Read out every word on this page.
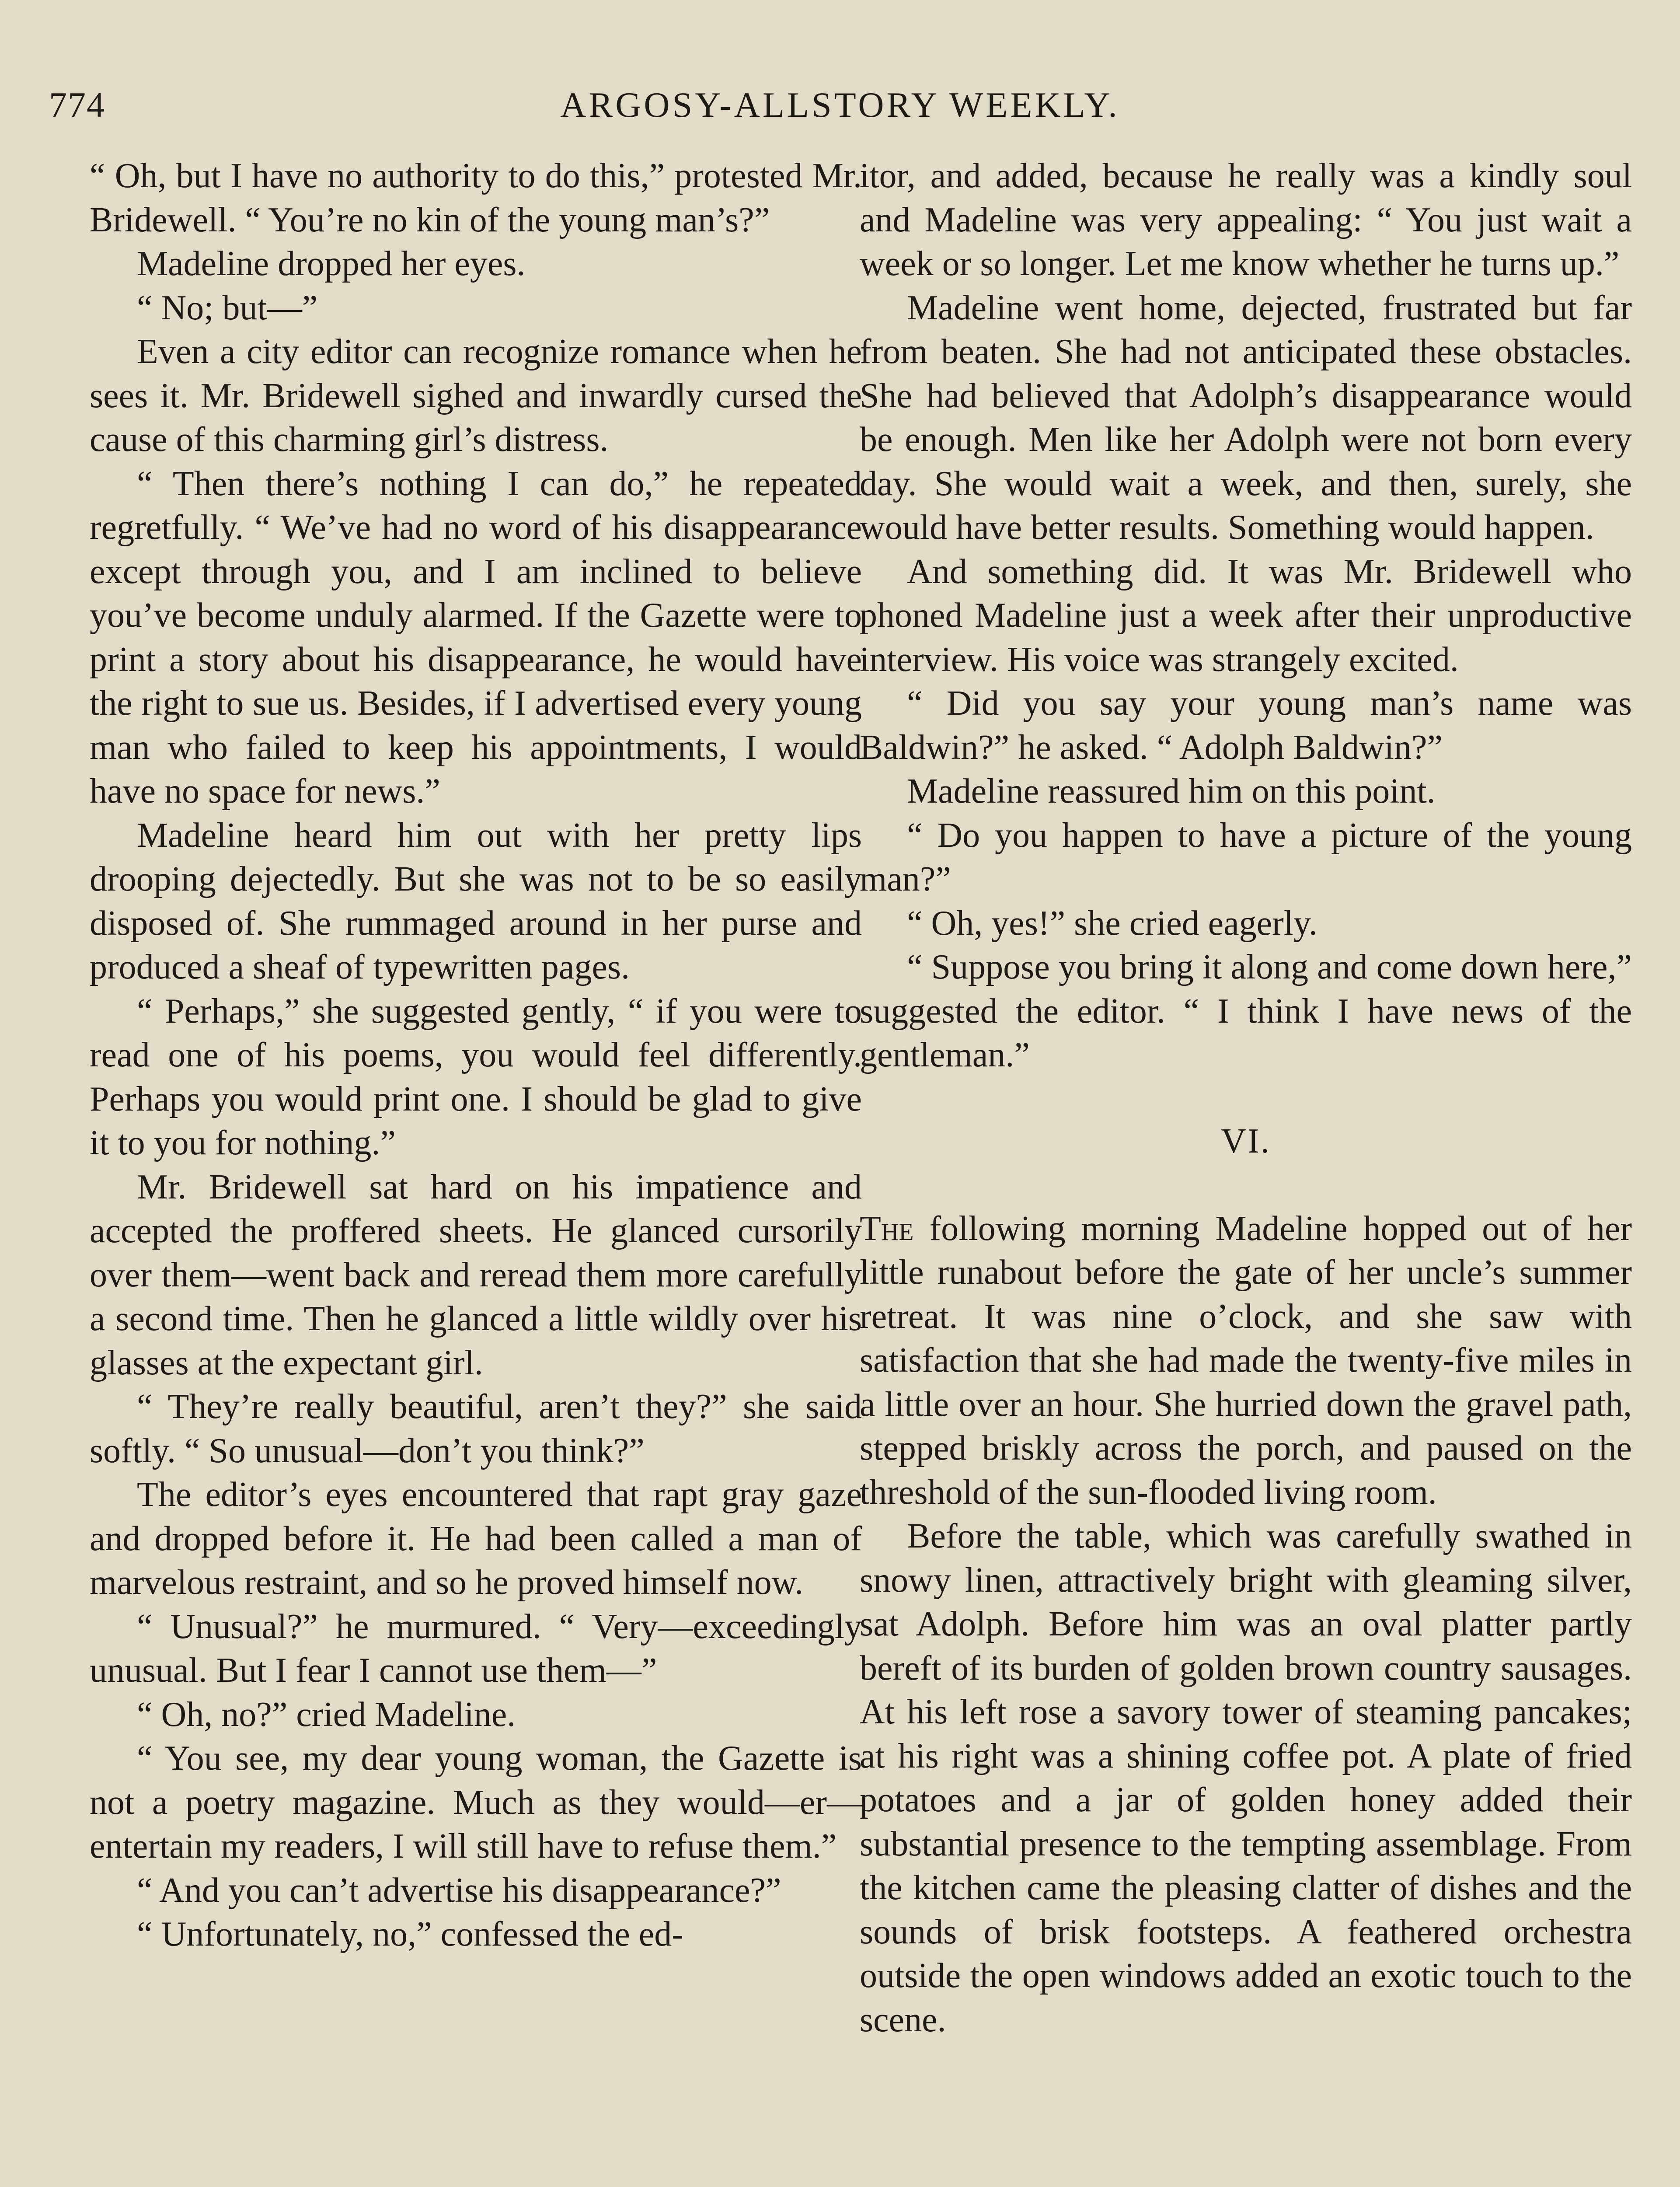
774	ARGOSY-ALLSTORY WEEKLY.

“ Oh, but I have no authority to do this,” protested Mr. Bridewell. “ You’re no kin of the young man’s?”

Madeline dropped her eyes.

“ No; but—”

Even a city editor can recognize romance when he sees it. Mr. Bridewell sighed and inwardly cursed the cause of this charming girl’s distress.

“ Then there’s nothing I can do,” he repeated regretfully. “ We’ve had no word of his disappearance except through you, and I am inclined to believe you’ve become unduly alarmed. If the Gazette were to print a story about his disappearance, he would have the right to sue us. Besides, if I advertised every young man who failed to keep his appointments, I would have no space for news.”

Madeline heard him out with her pretty lips drooping dejectedly. But she was not to be so easily disposed of. She rummaged around in her purse and produced a sheaf of typewritten pages.

“ Perhaps,” she suggested gently, “ if you were to read one of his poems, you would feel differently. Perhaps you would print one. I should be glad to give it to you for nothing.”

Mr. Bridewell sat hard on his impatience and accepted the proffered sheets. He glanced cursorily over them—went back and reread them more carefully a second time. Then he glanced a little wildly over his glasses at the expectant girl.

“ They’re really beautiful, aren’t they?” she said softly. “ So unusual—don’t you think?”

The editor’s eyes encountered that rapt gray gaze and dropped before it. He had been called a man of marvelous restraint, and so he proved himself now.

“ Unusual?” he murmured. “ Very—exceedingly unusual. But I fear I cannot use them—”

“ Oh, no?” cried Madeline.

“ You see, my dear young woman, the Gazette is not a poetry magazine. Much as they would—er—entertain my readers, I will still have to refuse them.”

“ And you can’t advertise his disappearance?”

“ Unfortunately, no,” confessed the ed-

itor, and added, because he really was a kindly soul and Madeline was very appealing: “ You just wait a week or so longer. Let me know whether he turns up.”

Madeline went home, dejected, frustrated but far from beaten. She had not anticipated these obstacles. She had believed that Adolph’s disappearance would be enough. Men like her Adolph were not born every day. She would wait a week, and then, surely, she would have better results. Something would happen.

And something did. It was Mr. Bridewell who phoned Madeline just a week after their unproductive interview. His voice was strangely excited.

“ Did you say your young man’s name was Baldwin?” he asked. “ Adolph Baldwin?”

Madeline reassured him on this point.

“ Do you happen to have a picture of the young man?”

“ Oh, yes!” she cried eagerly.

“ Suppose you bring it along and come down here,” suggested the editor. “ I think I have news of the gentleman.”

VI.

The following morning Madeline hopped out of her little runabout before the gate of her uncle’s summer retreat. It was nine o’clock, and she saw with satisfaction that she had made the twenty-five miles in a little over an hour. She hurried down the gravel path, stepped briskly across the porch, and paused on the threshold of the sun-flooded living room.

Before the table, which was carefully swathed in snowy linen, attractively bright with gleaming silver, sat Adolph. Before him was an oval platter partly bereft of its burden of golden brown country sausages. At his left rose a savory tower of steaming pancakes; at his right was a shining coffee pot. A plate of fried potatoes and a jar of golden honey added their substantial presence to the tempting assemblage. From the kitchen came the pleasing clatter of dishes and the sounds of brisk footsteps. A feathered orchestra outside the open windows added an exotic touch to the scene.
